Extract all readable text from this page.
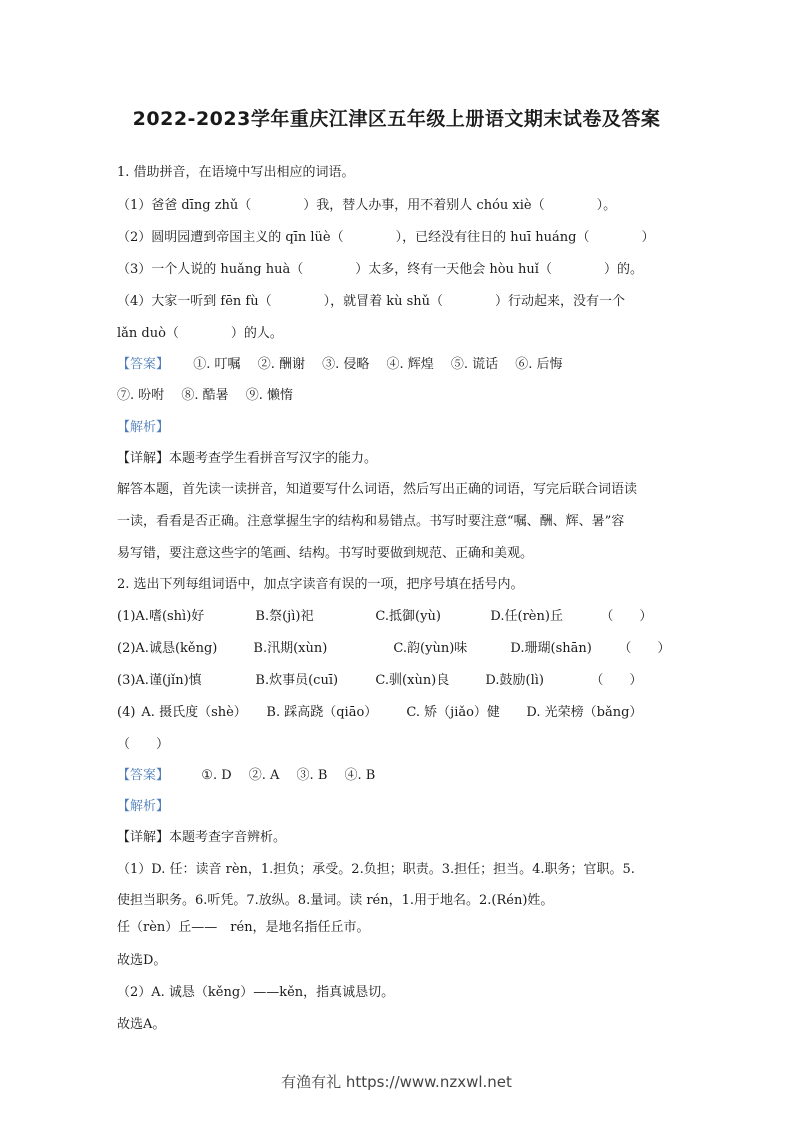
2022-2023学年重庆江津区五年级上册语文期末试卷及答案
1. 借助拼音，在语境中写出相应的词语。
（1）爸爸 dīng zhǔ（　　　　）我，替人办事，用不着别人 chóu xiè（　　　　）。
（2）圆明园遭到帝国主义的 qīn lüè（　　　　），已经没有往日的 huī huáng（　　　　）
（3）一个人说的 huǎng huà（　　　　）太多，终有一天他会 hòu huǐ（　　　　）的。
（4）大家一听到 fēn fù（　　　　），就冒着 kù shǔ（　　　　）行动起来，没有一个
lǎn duò（　　　　）的人。
【答案】 ①. 叮嘱　 ②. 酬谢　 ③. 侵略　 ④. 辉煌　 ⑤. 谎话　 ⑥. 后悔
⑦. 吩咐　 ⑧. 酷暑　 ⑨. 懒惰
【解析】
【详解】本题考查学生看拼音写汉字的能力。
解答本题，首先读一读拼音，知道要写什么词语，然后写出正确的词语，写完后联合词语读
一读，看看是否正确。注意掌握生字的结构和易错点。书写时要注意“嘱、酬、辉、暑”容
易写错，要注意这些字的笔画、结构。书写时要做到规范、正确和美观。
2. 选出下列每组词语中，加点字读音有误的一项，把序号填在括号内。
(1)A.嗜(shì)好	B.祭(jì)祀	C.抵御(yù)	D.任(rèn)丘	（　　）
(2)A.诚恳(kěng)	B.汛期(xùn)	C.韵(yùn)味	D.珊瑚(shān) （　　）
(3)A.谨(jǐn)慎	B.炊事员(cuī)	C.驯(xùn)良	D.鼓励(lì)	（　　）
(4) A. 摄氏度（shè） B. 踩高跷（qiāo） C. 矫（jiǎo）健 D. 光荣榜（bǎng）
（　　）
【答案】 ①. D　 ②. A　 ③. B　 ④. B
【解析】
【详解】本题考查字音辨析。
（1）D. 任：读音 rèn，1.担负；承受。2.负担；职责。3.担任；担当。4.职务；官职。5.
使担当职务。6.听凭。7.放纵。8.量词。读 rén，1.用于地名。2.(Rén)姓。
任（rèn）丘——　rén，是地名指任丘市。
故选D。
（2）A. 诚恳（kěng）——kěn，指真诚恳切。
故选A。
有渔有礼 https://www.nzxwl.net
